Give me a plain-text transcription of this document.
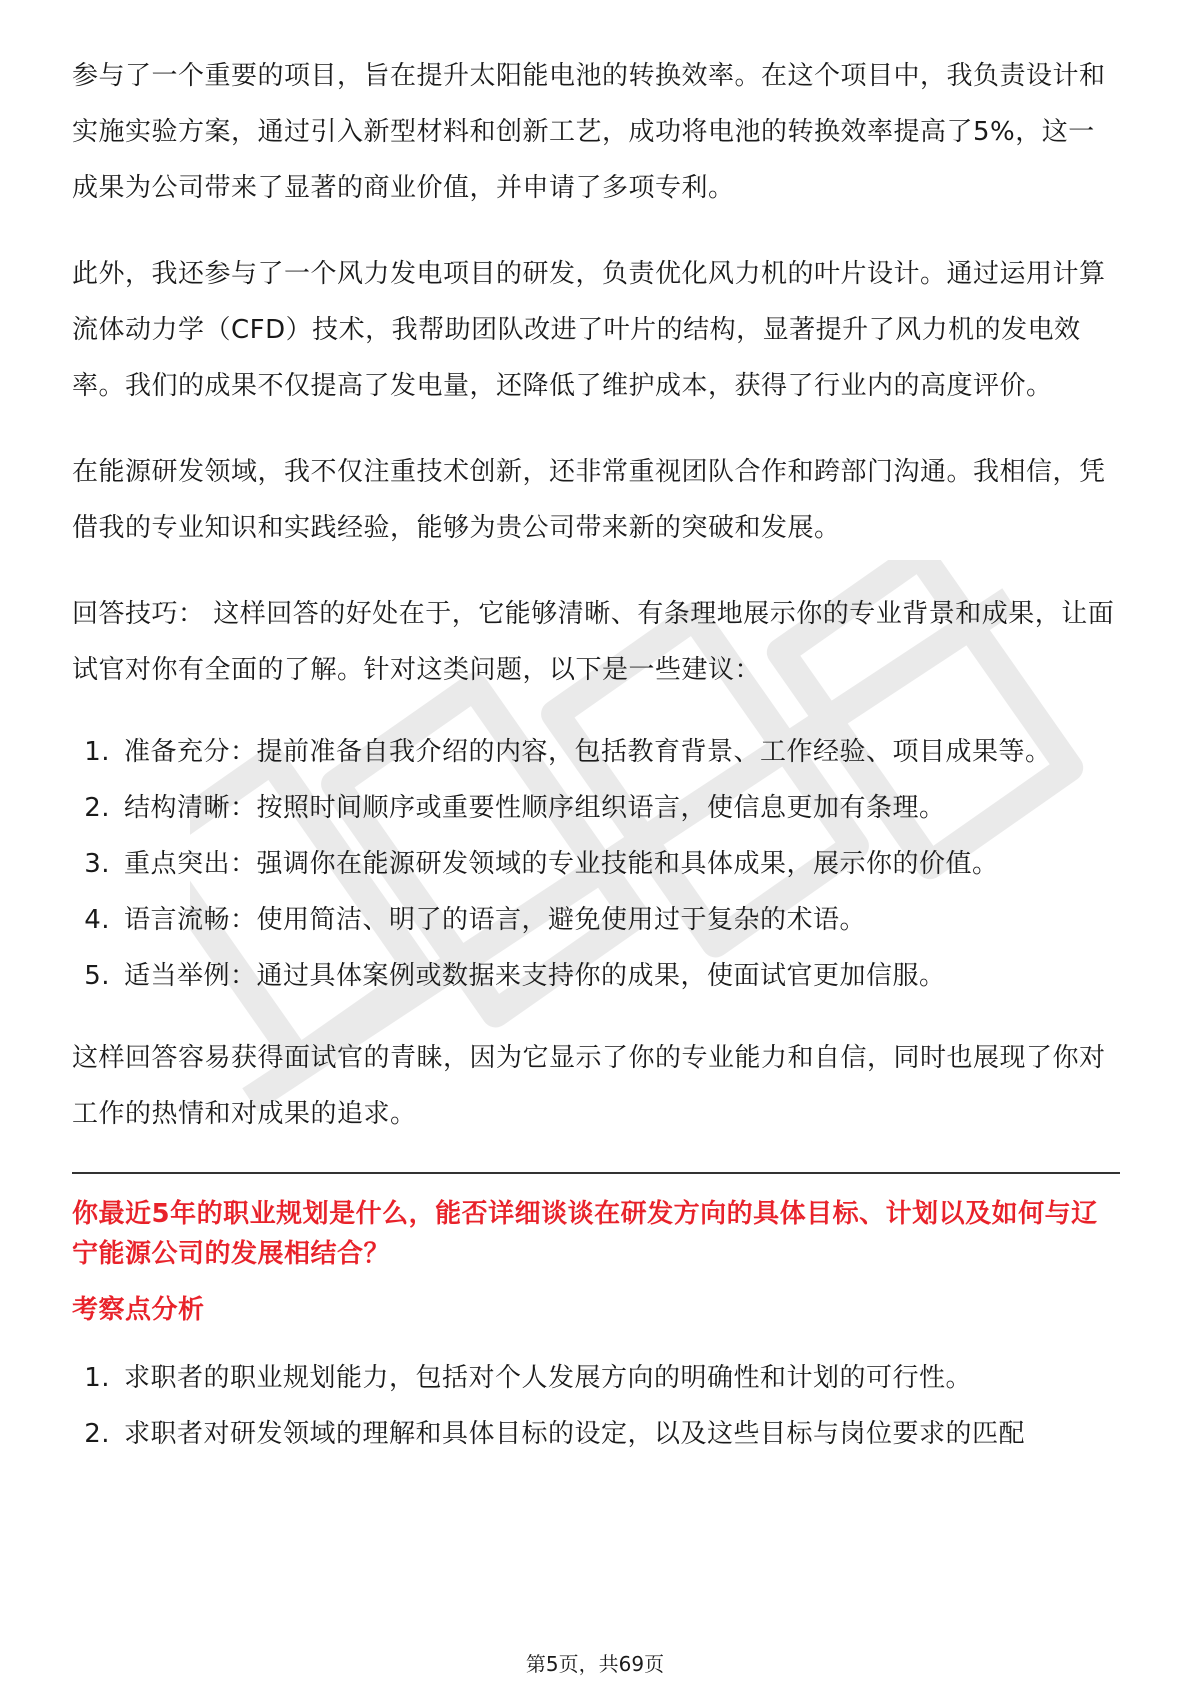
参与了一个重要的项目，旨在提升太阳能电池的转换效率。在这个项目中，我负责设计和实施实验方案，通过引入新型材料和创新工艺，成功将电池的转换效率提高了5%，这一成果为公司带来了显著的商业价值，并申请了多项专利。

此外，我还参与了一个风力发电项目的研发，负责优化风力机的叶片设计。通过运用计算流体动力学（CFD）技术，我帮助团队改进了叶片的结构，显著提升了风力机的发电效率。我们的成果不仅提高了发电量，还降低了维护成本，获得了行业内的高度评价。

在能源研发领域，我不仅注重技术创新，还非常重视团队合作和跨部门沟通。我相信，凭借我的专业知识和实践经验，能够为贵公司带来新的突破和发展。

回答技巧： 这样回答的好处在于，它能够清晰、有条理地展示你的专业背景和成果，让面试官对你有全面的了解。针对这类问题，以下是一些建议：

1. 准备充分：提前准备自我介绍的内容，包括教育背景、工作经验、项目成果等。
2. 结构清晰：按照时间顺序或重要性顺序组织语言，使信息更加有条理。
3. 重点突出：强调你在能源研发领域的专业技能和具体成果，展示你的价值。
4. 语言流畅：使用简洁、明了的语言，避免使用过于复杂的术语。
5. 适当举例：通过具体案例或数据来支持你的成果，使面试官更加信服。

这样回答容易获得面试官的青睐，因为它显示了你的专业能力和自信，同时也展现了你对工作的热情和对成果的追求。

你最近5年的职业规划是什么，能否详细谈谈在研发方向的具体目标、计划以及如何与辽宁能源公司的发展相结合？

考察点分析

1. 求职者的职业规划能力，包括对个人发展方向的明确性和计划的可行性。
2. 求职者对研发领域的理解和具体目标的设定，以及这些目标与岗位要求的匹配
第5页，共69页
